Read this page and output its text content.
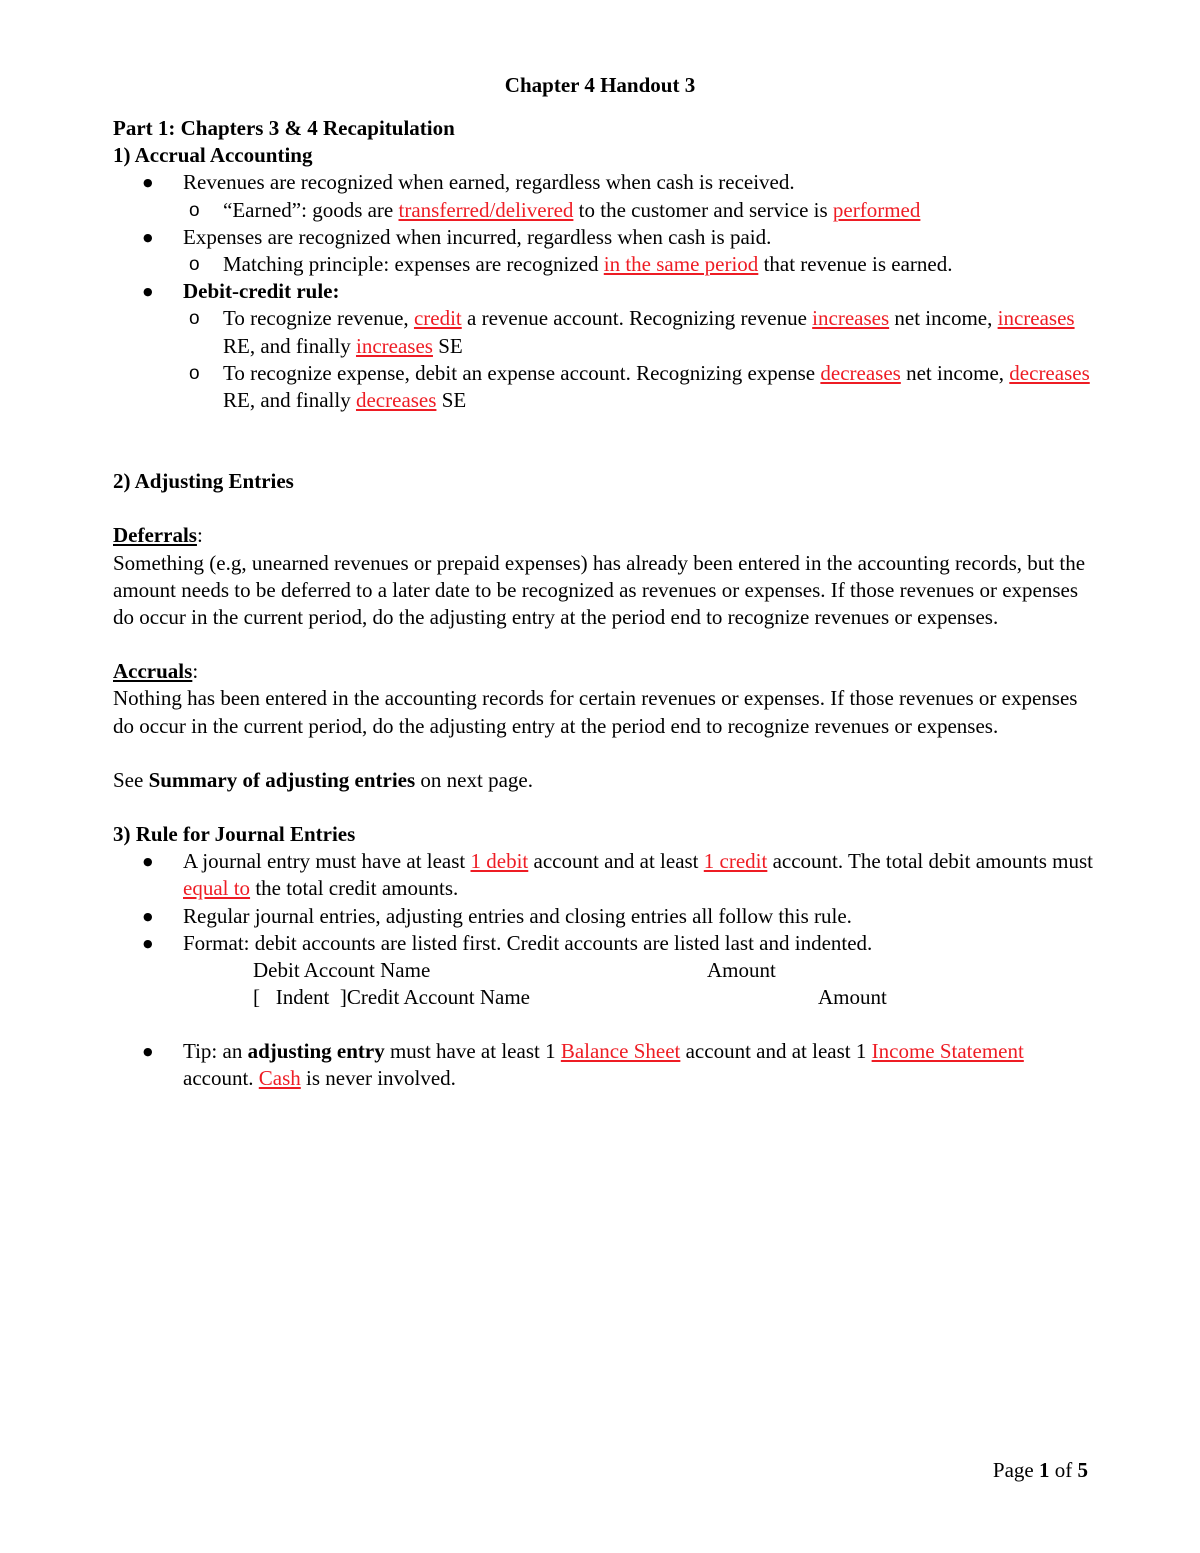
Chapter 4 Handout 3

Part 1: Chapters 3 & 4 Recapitulation

1) Accrual Accounting

● Revenues are recognized when earned, regardless when cash is received.
o “Earned”: goods are transferred/delivered to the customer and service is performed
● Expenses are recognized when incurred, regardless when cash is paid.
o Matching principle: expenses are recognized in the same period that revenue is earned.
● Debit-credit rule:
o To recognize revenue, credit a revenue account. Recognizing revenue increases net income, increases RE, and finally increases SE
o To recognize expense, debit an expense account. Recognizing expense decreases net income, decreases RE, and finally decreases SE

2) Adjusting Entries

Deferrals:

Something (e.g, unearned revenues or prepaid expenses) has already been entered in the accounting records, but the amount needs to be deferred to a later date to be recognized as revenues or expenses. If those revenues or expenses do occur in the current period, do the adjusting entry at the period end to recognize revenues or expenses.

Accruals:

Nothing has been entered in the accounting records for certain revenues or expenses. If those revenues or expenses do occur in the current period, do the adjusting entry at the period end to recognize revenues or expenses.

See Summary of adjusting entries on next page.

3) Rule for Journal Entries

● A journal entry must have at least 1 debit account and at least 1 credit account. The total debit amounts must equal to the total credit amounts.
● Regular journal entries, adjusting entries and closing entries all follow this rule.
● Format: debit accounts are listed first. Credit accounts are listed last and indented.
Debit Account Name	Amount
[   Indent  ]Credit Account Name	Amount
● Tip: an adjusting entry must have at least 1 Balance Sheet account and at least 1 Income Statement account. Cash is never involved.
Page 1 of 5
